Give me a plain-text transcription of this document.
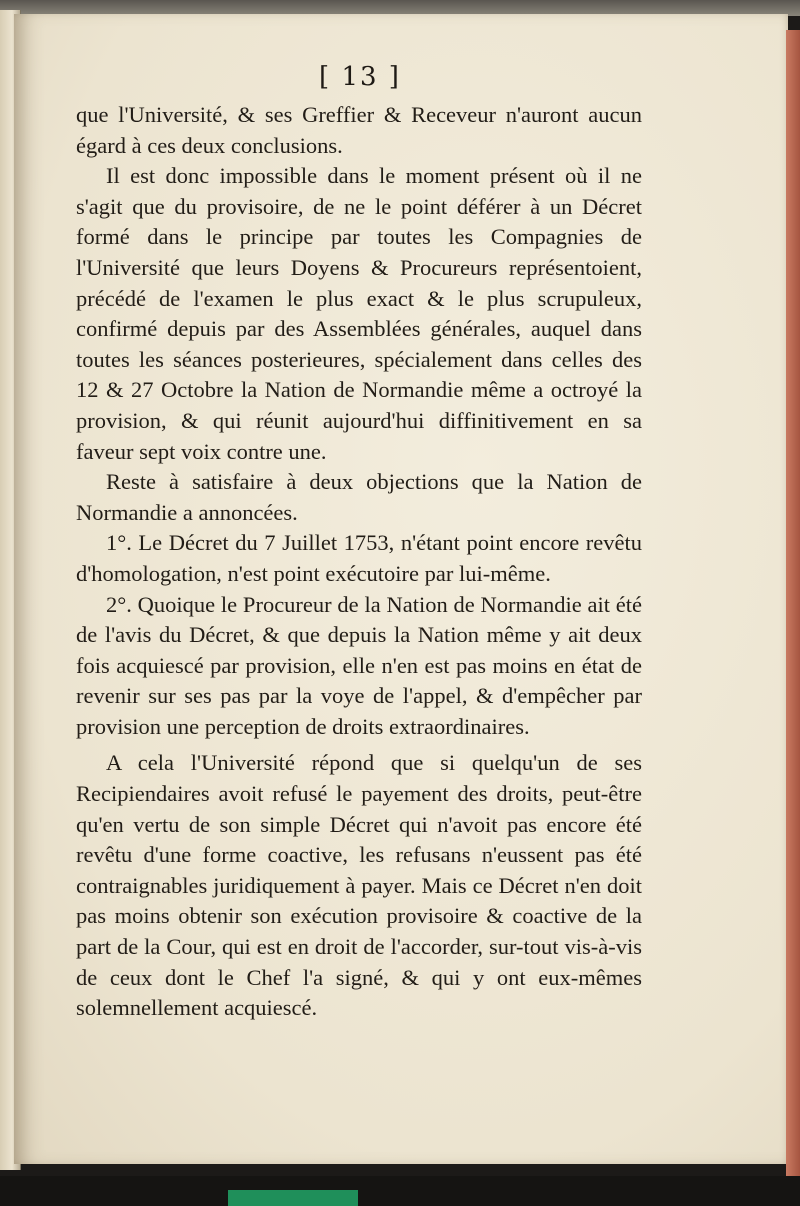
[ 13 ]

que l'Université, & ses Greffier & Receveur n'auront aucun égard à ces deux conclusions.

Il est donc impossible dans le moment présent où il ne s'agit que du provisoire, de ne le point déférer à un Décret formé dans le principe par toutes les Compagnies de l'Université que leurs Doyens & Procureurs représentoient, précédé de l'examen le plus exact & le plus scrupuleux, confirmé depuis par des Assemblées générales, auquel dans toutes les séances posterieures, spécialement dans celles des 12 & 27 Octobre la Nation de Normandie même a octroyé la provision, & qui réunit aujourd'hui diffinitivement en sa faveur sept voix contre une.

Reste à satisfaire à deux objections que la Nation de Normandie a annoncées.

1°. Le Décret du 7 Juillet 1753, n'étant point encore revêtu d'homologation, n'est point exécutoire par lui-même.

2°. Quoique le Procureur de la Nation de Normandie ait été de l'avis du Décret, & que depuis la Nation même y ait deux fois acquiescé par provision, elle n'en est pas moins en état de revenir sur ses pas par la voye de l'appel, & d'empêcher par provision une perception de droits extraordinaires.

A cela l'Université répond que si quelqu'un de ses Recipiendaires avoit refusé le payement des droits, peut-être qu'en vertu de son simple Décret qui n'avoit pas encore été revêtu d'une forme coactive, les refusans n'eussent pas été contraignables juridiquement à payer. Mais ce Décret n'en doit pas moins obtenir son exécution provisoire & coactive de la part de la Cour, qui est en droit de l'accorder, sur-tout vis-à-vis de ceux dont le Chef l'a signé, & qui y ont eux-mêmes solemnellement acquiescé.
